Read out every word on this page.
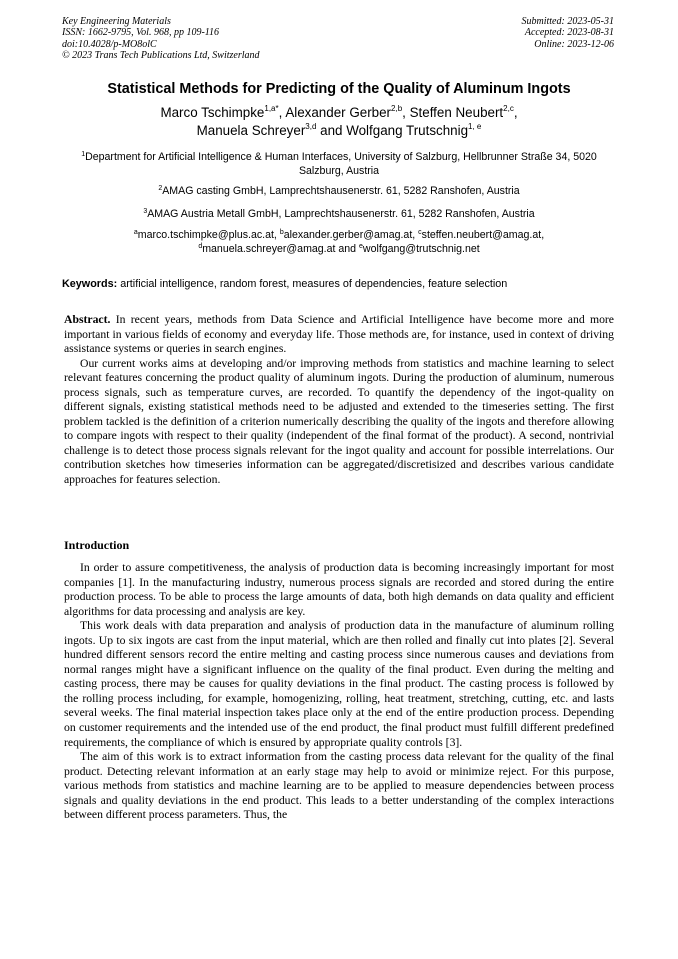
Key Engineering Materials
ISSN: 1662-9795, Vol. 968, pp 109-116
doi:10.4028/p-MO8olC
© 2023 Trans Tech Publications Ltd, Switzerland
Submitted: 2023-05-31
Accepted: 2023-08-31
Online: 2023-12-06
Statistical Methods for Predicting of the Quality of Aluminum Ingots
Marco Tschimpke$^{1,a*}$, Alexander Gerber$^{2,b}$, Steffen Neubert$^{2,c}$,
Manuela Schreyer$^{3,d}$ and Wolfgang Trutschnig$^{1, e}$
$^1$Department for Artificial Intelligence & Human Interfaces, University of Salzburg, Hellbrunner Straße 34, 5020 Salzburg, Austria
$^2$AMAG casting GmbH, Lamprechtshausenerstr. 61, 5282 Ranshofen, Austria
$^3$AMAG Austria Metall GmbH, Lamprechtshausenerstr. 61, 5282 Ranshofen, Austria
$^a$marco.tschimpke@plus.ac.at, $^b$alexander.gerber@amag.at, $^c$steffen.neubert@amag.at,
$^d$manuela.schreyer@amag.at and $^e$wolfgang@trutschnig.net
Keywords: artificial intelligence, random forest, measures of dependencies, feature selection

Abstract. In recent years, methods from Data Science and Artificial Intelligence have become more and more important in various fields of economy and everyday life. Those methods are, for instance, used in context of driving assistance systems or queries in search engines.

Our current works aims at developing and/or improving methods from statistics and machine learning to select relevant features concerning the product quality of aluminum ingots. During the production of aluminum, numerous process signals, such as temperature curves, are recorded. To quantify the dependency of the ingot-quality on different signals, existing statistical methods need to be adjusted and extended to the timeseries setting. The first problem tackled is the definition of a criterion numerically describing the quality of the ingots and therefore allowing to compare ingots with respect to their quality (independent of the final format of the product). A second, nontrivial challenge is to detect those process signals relevant for the ingot quality and account for possible interrelations. Our contribution sketches how timeseries information can be aggregated/discretisized and describes various candidate approaches for features selection.

Introduction

In order to assure competitiveness, the analysis of production data is becoming increasingly important for most companies [1]. In the manufacturing industry, numerous process signals are recorded and stored during the entire production process. To be able to process the large amounts of data, both high demands on data quality and efficient algorithms for data processing and analysis are key.

This work deals with data preparation and analysis of production data in the manufacture of aluminum rolling ingots. Up to six ingots are cast from the input material, which are then rolled and finally cut into plates [2]. Several hundred different sensors record the entire melting and casting process since numerous causes and deviations from normal ranges might have a significant influence on the quality of the final product. Even during the melting and casting process, there may be causes for quality deviations in the final product. The casting process is followed by the rolling process including, for example, homogenizing, rolling, heat treatment, stretching, cutting, etc. and lasts several weeks. The final material inspection takes place only at the end of the entire production process. Depending on customer requirements and the intended use of the end product, the final product must fulfill different predefined requirements, the compliance of which is ensured by appropriate quality controls [3].

The aim of this work is to extract information from the casting process data relevant for the quality of the final product. Detecting relevant information at an early stage may help to avoid or minimize reject. For this purpose, various methods from statistics and machine learning are to be applied to measure dependencies between process signals and quality deviations in the end product. This leads to a better understanding of the complex interactions between different process parameters. Thus, the
